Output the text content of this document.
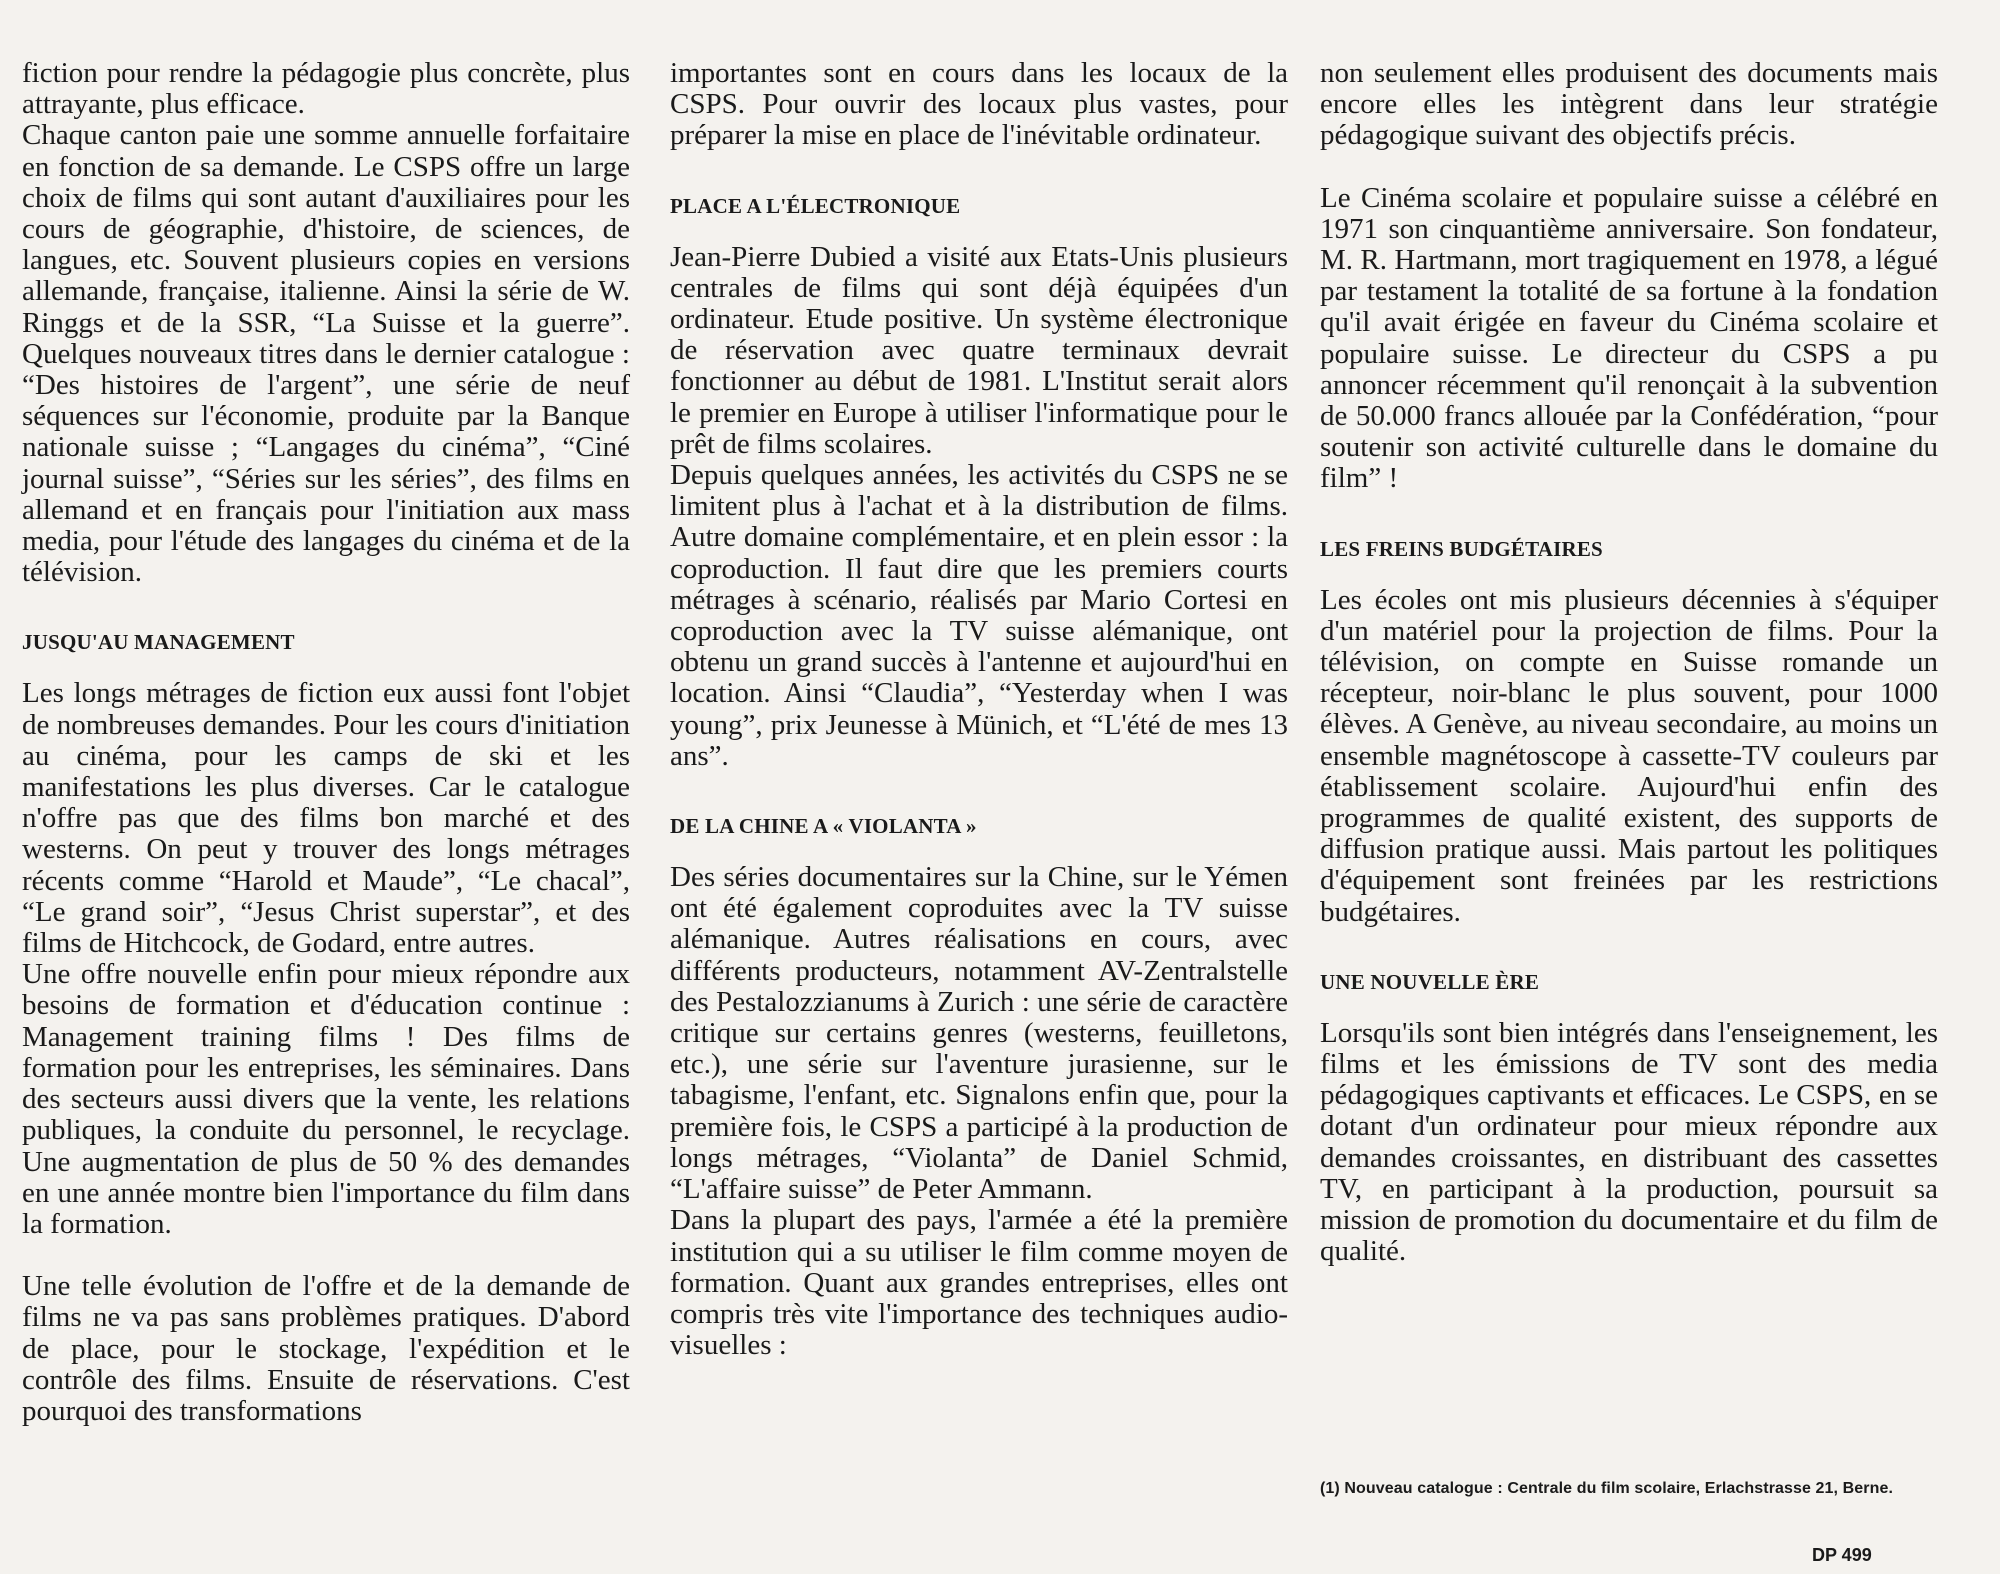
fiction pour rendre la pédagogie plus concrète, plus attrayante, plus efficace.

Chaque canton paie une somme annuelle forfaitaire en fonction de sa demande. Le CSPS offre un large choix de films qui sont autant d'auxiliaires pour les cours de géographie, d'histoire, de sciences, de langues, etc. Souvent plusieurs copies en versions allemande, française, italienne. Ainsi la série de W. Ringgs et de la SSR, “La Suisse et la guerre”. Quelques nouveaux titres dans le dernier catalogue : “Des histoires de l'argent”, une série de neuf séquences sur l'économie, produite par la Banque nationale suisse ; “Langages du cinéma”, “Ciné journal suisse”, “Séries sur les séries”, des films en allemand et en français pour l'initiation aux mass media, pour l'étude des langages du cinéma et de la télévision.

JUSQU'AU MANAGEMENT

Les longs métrages de fiction eux aussi font l'objet de nombreuses demandes. Pour les cours d'initiation au cinéma, pour les camps de ski et les manifestations les plus diverses. Car le catalogue n'offre pas que des films bon marché et des westerns. On peut y trouver des longs métrages récents comme “Harold et Maude”, “Le chacal”, “Le grand soir”, “Jesus Christ superstar”, et des films de Hitchcock, de Godard, entre autres.

Une offre nouvelle enfin pour mieux répondre aux besoins de formation et d'éducation continue : Management training films ! Des films de formation pour les entreprises, les séminaires. Dans des secteurs aussi divers que la vente, les relations publiques, la conduite du personnel, le recyclage. Une augmentation de plus de 50 % des demandes en une année montre bien l'importance du film dans la formation.

Une telle évolution de l'offre et de la demande de films ne va pas sans problèmes pratiques. D'abord de place, pour le stockage, l'expédition et le contrôle des films. Ensuite de réservations. C'est pourquoi des transformations

importantes sont en cours dans les locaux de la CSPS. Pour ouvrir des locaux plus vastes, pour préparer la mise en place de l'inévitable ordinateur.

PLACE A L'ÉLECTRONIQUE

Jean-Pierre Dubied a visité aux Etats-Unis plusieurs centrales de films qui sont déjà équipées d'un ordinateur. Etude positive. Un système électronique de réservation avec quatre terminaux devrait fonctionner au début de 1981. L'Institut serait alors le premier en Europe à utiliser l'informatique pour le prêt de films scolaires.

Depuis quelques années, les activités du CSPS ne se limitent plus à l'achat et à la distribution de films. Autre domaine complémentaire, et en plein essor : la coproduction. Il faut dire que les premiers courts métrages à scénario, réalisés par Mario Cortesi en coproduction avec la TV suisse alémanique, ont obtenu un grand succès à l'antenne et aujourd'hui en location. Ainsi “Claudia”, “Yesterday when I was young”, prix Jeunesse à Münich, et “L'été de mes 13 ans”.

DE LA CHINE A « VIOLANTA »

Des séries documentaires sur la Chine, sur le Yémen ont été également coproduites avec la TV suisse alémanique. Autres réalisations en cours, avec différents producteurs, notamment AV-Zentralstelle des Pestalozzianums à Zurich : une série de caractère critique sur certains genres (westerns, feuilletons, etc.), une série sur l'aventure jurasienne, sur le tabagisme, l'enfant, etc. Signalons enfin que, pour la première fois, le CSPS a participé à la production de longs métrages, “Violanta” de Daniel Schmid, “L'affaire suisse” de Peter Ammann.

Dans la plupart des pays, l'armée a été la première institution qui a su utiliser le film comme moyen de formation. Quant aux grandes entreprises, elles ont compris très vite l'importance des techniques audio-visuelles :

non seulement elles produisent des documents mais encore elles les intègrent dans leur stratégie pédagogique suivant des objectifs précis.

Le Cinéma scolaire et populaire suisse a célébré en 1971 son cinquantième anniversaire. Son fondateur, M. R. Hartmann, mort tragiquement en 1978, a légué par testament la totalité de sa fortune à la fondation qu'il avait érigée en faveur du Cinéma scolaire et populaire suisse. Le directeur du CSPS a pu annoncer récemment qu'il renonçait à la subvention de 50.000 francs allouée par la Confédération, “pour soutenir son activité culturelle dans le domaine du film” !

LES FREINS BUDGÉTAIRES

Les écoles ont mis plusieurs décennies à s'équiper d'un matériel pour la projection de films. Pour la télévision, on compte en Suisse romande un récepteur, noir-blanc le plus souvent, pour 1000 élèves. A Genève, au niveau secondaire, au moins un ensemble magnétoscope à cassette-TV couleurs par établissement scolaire. Aujourd'hui enfin des programmes de qualité existent, des supports de diffusion pratique aussi. Mais partout les politiques d'équipement sont freinées par les restrictions budgétaires.

UNE NOUVELLE ÈRE

Lorsqu'ils sont bien intégrés dans l'enseignement, les films et les émissions de TV sont des media pédagogiques captivants et efficaces. Le CSPS, en se dotant d'un ordinateur pour mieux répondre aux demandes croissantes, en distribuant des cassettes TV, en participant à la production, poursuit sa mission de promotion du documentaire et du film de qualité.

(1) Nouveau catalogue : Centrale du film scolaire, Erlachstrasse 21, Berne.
DP 499
